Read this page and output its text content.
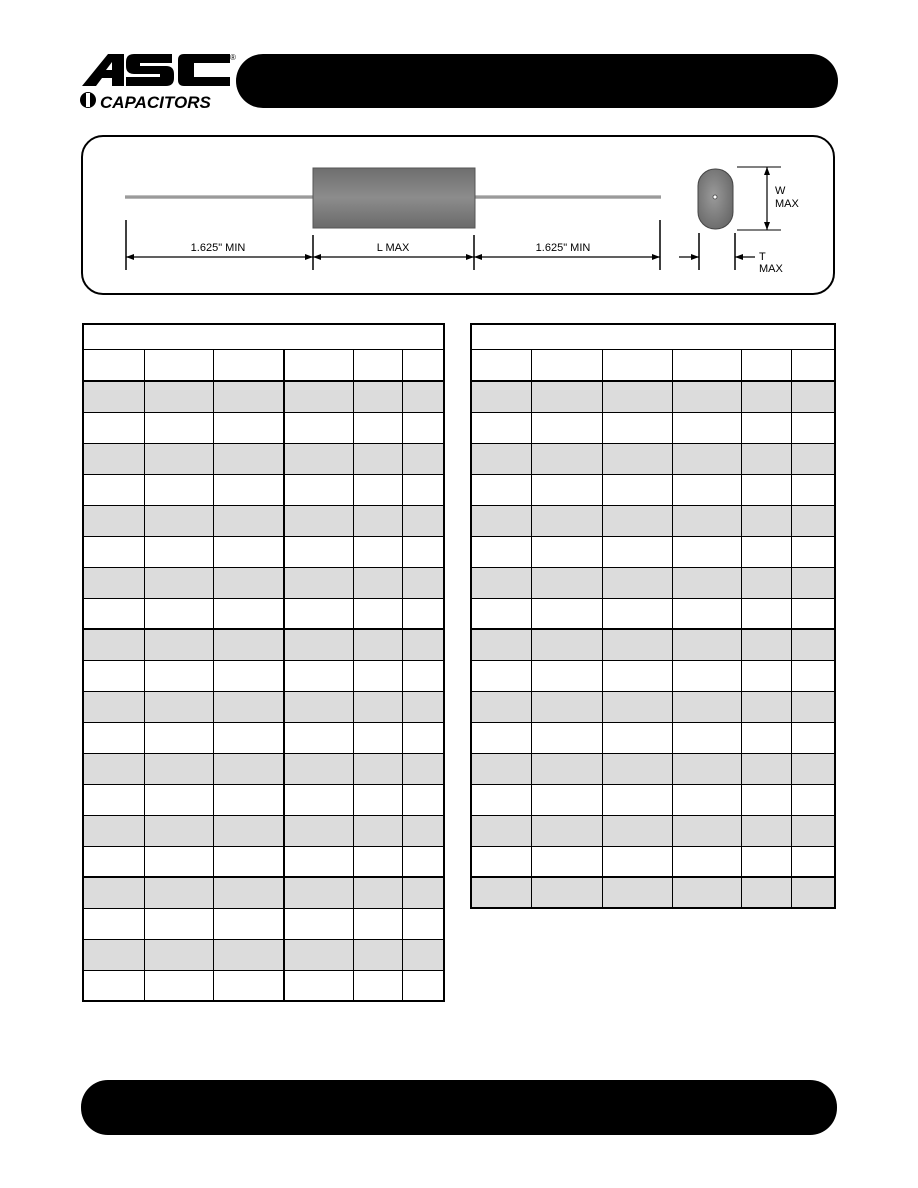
CAPACITORS
®
1.625" MIN	L MAX	1.625" MIN
W
MAX
T
MAX
